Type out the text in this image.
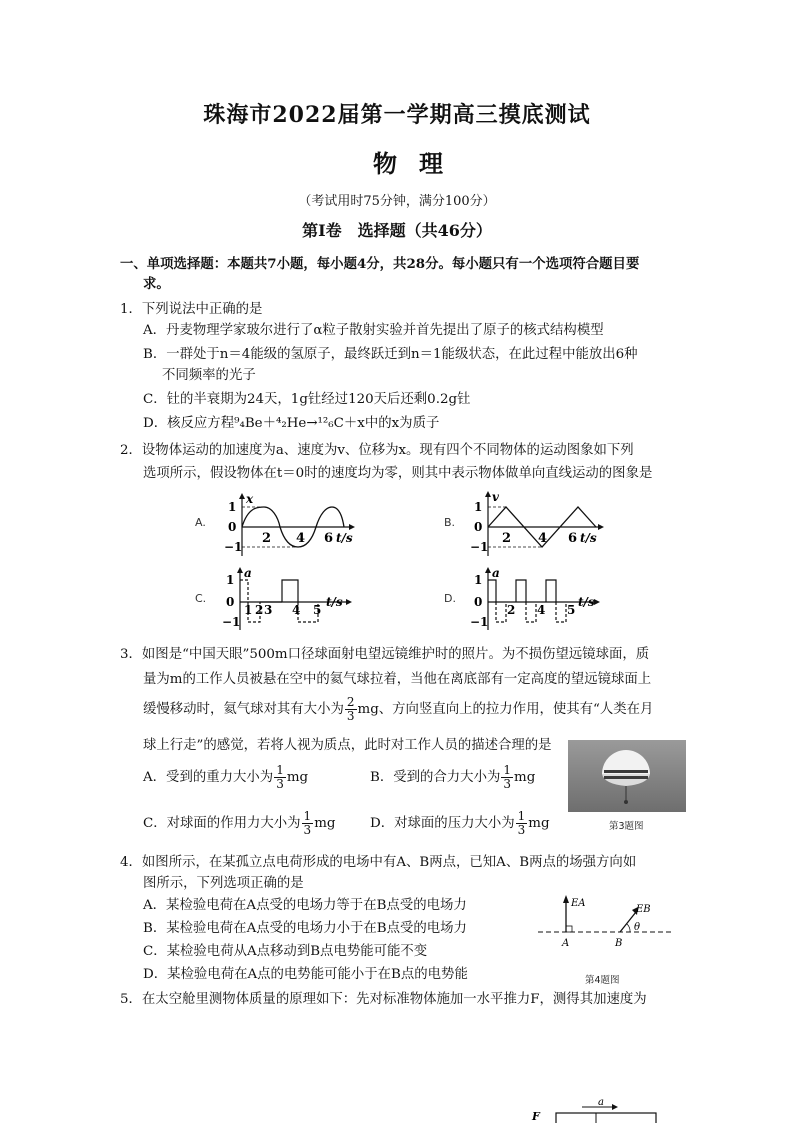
珠海市2022届第一学期高三摸底测试
物理
（考试用时75分钟，满分100分）
第Ⅰ卷　选择题（共46分）
一、单项选择题：本题共7小题，每小题4分，共28分。每小题只有一个选项符合题目要
求。
1．下列说法中正确的是
A．丹麦物理学家玻尔进行了α粒子散射实验并首先提出了原子的核式结构模型
B．一群处于n＝4能级的氢原子，最终跃迁到n＝1能级状态，在此过程中能放出6种
不同频率的光子
C．钍的半衰期为24天，1g钍经过120天后还剩0.2g钍
D．核反应方程⁹₄Be＋⁴₂He→¹²₆C＋x中的x为质子
2．设物体运动的加速度为a、速度为v、位移为x。现有四个不同物体的运动图象如下列
选项所示，假设物体在t＝0时的速度均为零，则其中表示物体做单向直线运动的图象是
A.
x
1
0
−1
2 4 6 t/s
B.
v
1
0
−1
2 4 6 t/s
C.
a
1
0
−1
1 2 3 4 5
t/s	D.
a
1
0
−1
2 4 5
t/s
3．如图是“中国天眼”500m口径球面射电望远镜维护时的照片。为不损伤望远镜球面，质
量为m的工作人员被悬在空中的氦气球拉着，当他在离底部有一定高度的望远镜球面上
缓慢移动时，氦气球对其有大小为 $\frac{2}{3}$ mg、方向竖直向上的拉力作用，使其有“人类在月
球上行走”的感觉，若将人视为质点，此时对工作人员的描述合理的是
A．受到的重力大小为 $\frac{1}{3}$ mg	B．受到的合力大小为 $\frac{1}{3}$ mg
C．对球面的作用力大小为 $\frac{1}{3}$ mg	D．对球面的压力大小为 $\frac{1}{3}$ mg	第3题图
4．如图所示，在某孤立点电荷形成的电场中有A、B两点，已知A、B两点的场强方向如
图所示，下列选项正确的是
A．某检验电荷在A点受的电场力等于在B点受的电场力
B．某检验电荷在A点受的电场力小于在B点受的电场力
C．某检验电荷从A点移动到B点电势能可能不变
D．某检验电荷在A点的电势能可能小于在B点的电势能
EA
EB
A	B
θ
第4题图
5．在太空舱里测物体质量的原理如下：先对标准物体施加一水平推力F，测得其加速度为
F
a
